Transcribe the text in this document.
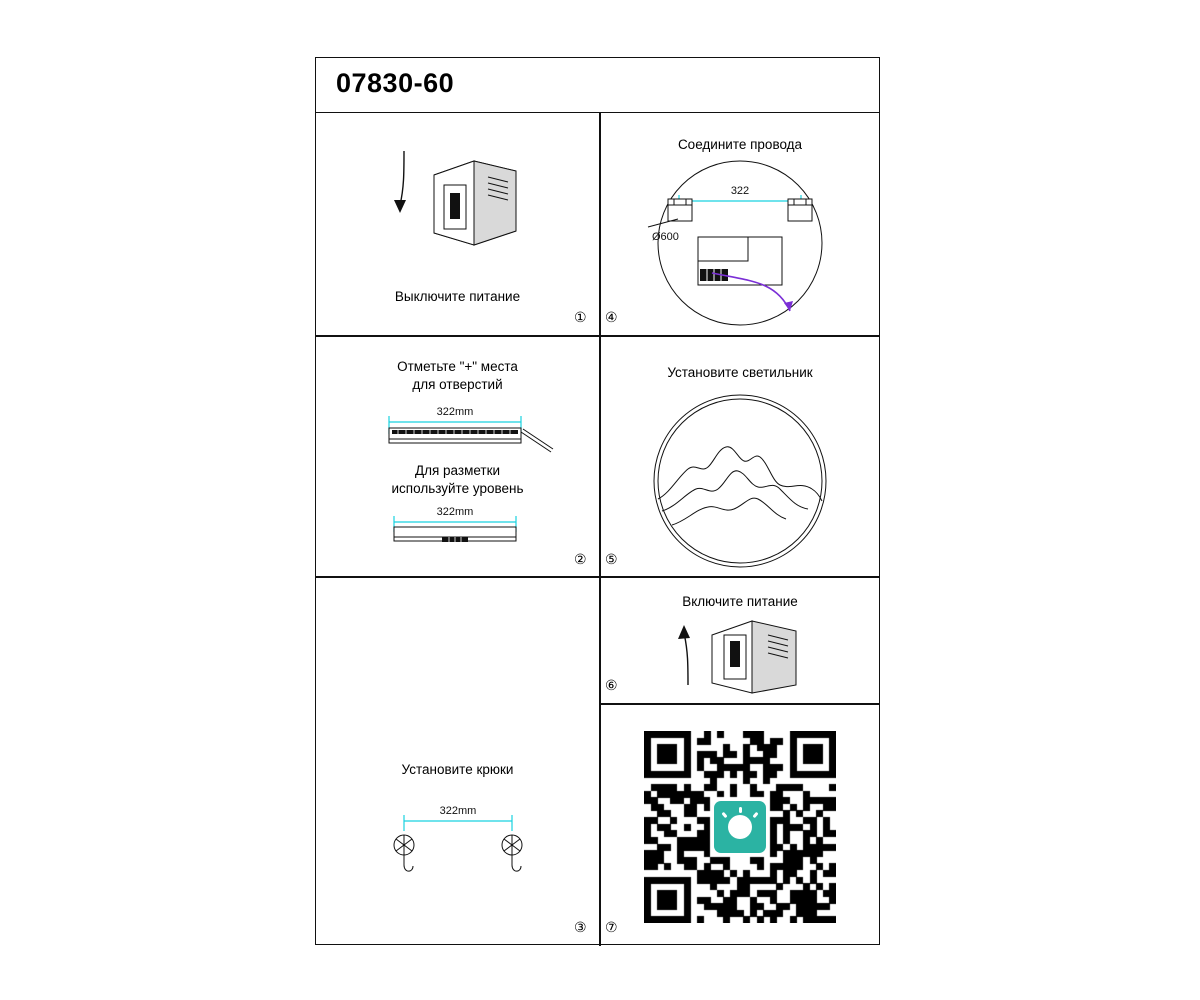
07830-60
Выключите питание
①
Соедините провода
④
322
Ø600
Отметьте "+" места
для отверстий
Для разметки
используйте уровень
②
322mm
322mm
Установите светильник
⑤
Установите крюки
③
322mm
Включите питание
⑥
⑦
